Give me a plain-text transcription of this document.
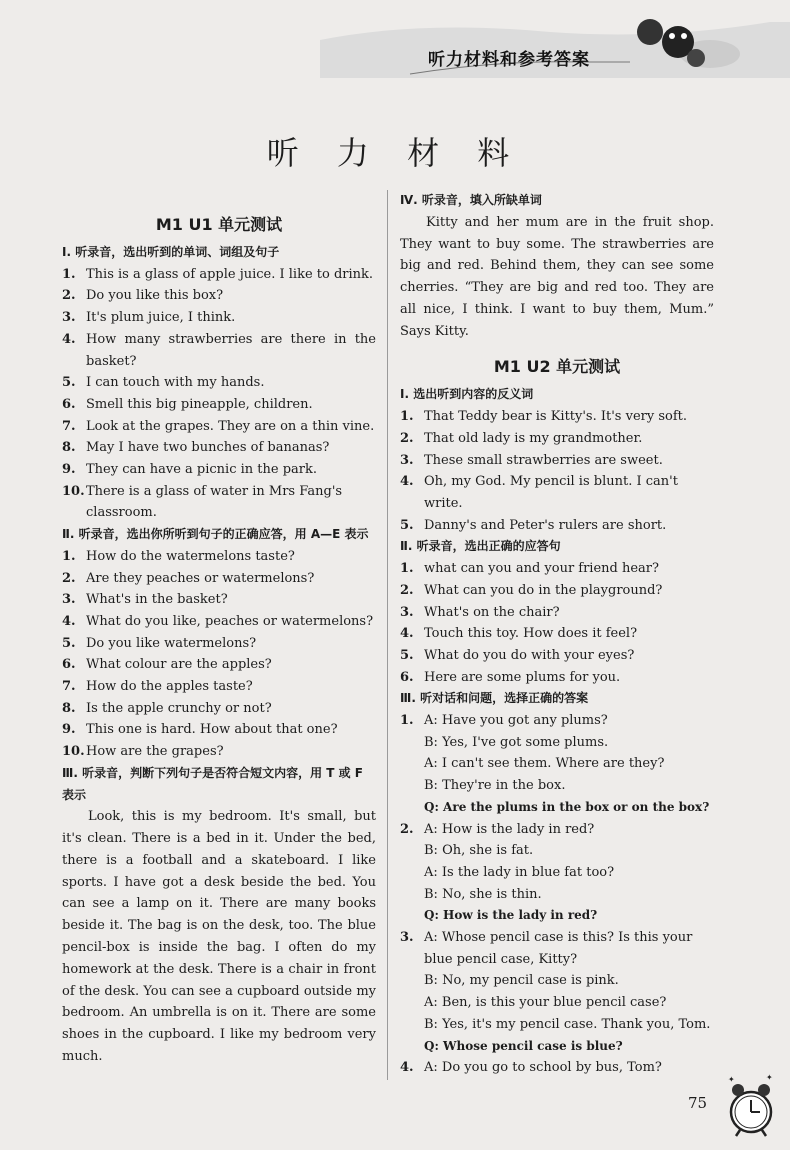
听力材料和参考答案
听 力 材 料
M1 U1 单元测试
Ⅰ. 听录音，选出听到的单词、词组及句子
1. This is a glass of apple juice. I like to drink.
2. Do you like this box?
3. It's plum juice, I think.
4. How many strawberries are there in the basket?
5. I can touch with my hands.
6. Smell this big pineapple, children.
7. Look at the grapes. They are on a thin vine.
8. May I have two bunches of bananas?
9. They can have a picnic in the park.
10. There is a glass of water in Mrs Fang's classroom.
Ⅱ. 听录音，选出你所听到句子的正确应答，用 A—E 表示
1. How do the watermelons taste?
2. Are they peaches or watermelons?
3. What's in the basket?
4. What do you like, peaches or watermelons?
5. Do you like watermelons?
6. What colour are the apples?
7. How do the apples taste?
8. Is the apple crunchy or not?
9. This one is hard. How about that one?
10. How are the grapes?
Ⅲ. 听录音，判断下列句子是否符合短文内容，用 T 或 F 表示
Look, this is my bedroom. It's small, but it's clean. There is a bed in it. Under the bed, there is a football and a skateboard. I like sports. I have got a desk beside the bed. You can see a lamp on it. There are many books beside it. The bag is on the desk, too. The blue pencil-box is inside the bag. I often do my homework at the desk. There is a chair in front of the desk. You can see a cupboard outside my bedroom. An umbrella is on it. There are some shoes in the cupboard. I like my bedroom very much.
Ⅳ. 听录音，填入所缺单词
Kitty and her mum are in the fruit shop. They want to buy some. The strawberries are big and red. Behind them, they can see some cherries. “They are big and red too. They are all nice, I think. I want to buy them, Mum.” Says Kitty.
M1 U2 单元测试
Ⅰ. 选出听到内容的反义词
1. That Teddy bear is Kitty's. It's very soft.
2. That old lady is my grandmother.
3. These small strawberries are sweet.
4. Oh, my God. My pencil is blunt. I can't write.
5. Danny's and Peter's rulers are short.
Ⅱ. 听录音，选出正确的应答句
1. what can you and your friend hear?
2. What can you do in the playground?
3. What's on the chair?
4. Touch this toy. How does it feel?
5. What do you do with your eyes?
6. Here are some plums for you.
Ⅲ. 听对话和问题，选择正确的答案
1. A: Have you got any plums?
B: Yes, I've got some plums.
A: I can't see them. Where are they?
B: They're in the box.
Q: Are the plums in the box or on the box?
2. A: How is the lady in red?
B: Oh, she is fat.
A: Is the lady in blue fat too?
B: No, she is thin.
Q: How is the lady in red?
3. A: Whose pencil case is this? Is this your blue pencil case, Kitty?
B: No, my pencil case is pink.
A: Ben, is this your blue pencil case?
B: Yes, it's my pencil case. Thank you, Tom.
Q: Whose pencil case is blue?
4. A: Do you go to school by bus, Tom?
75
✦	✦
